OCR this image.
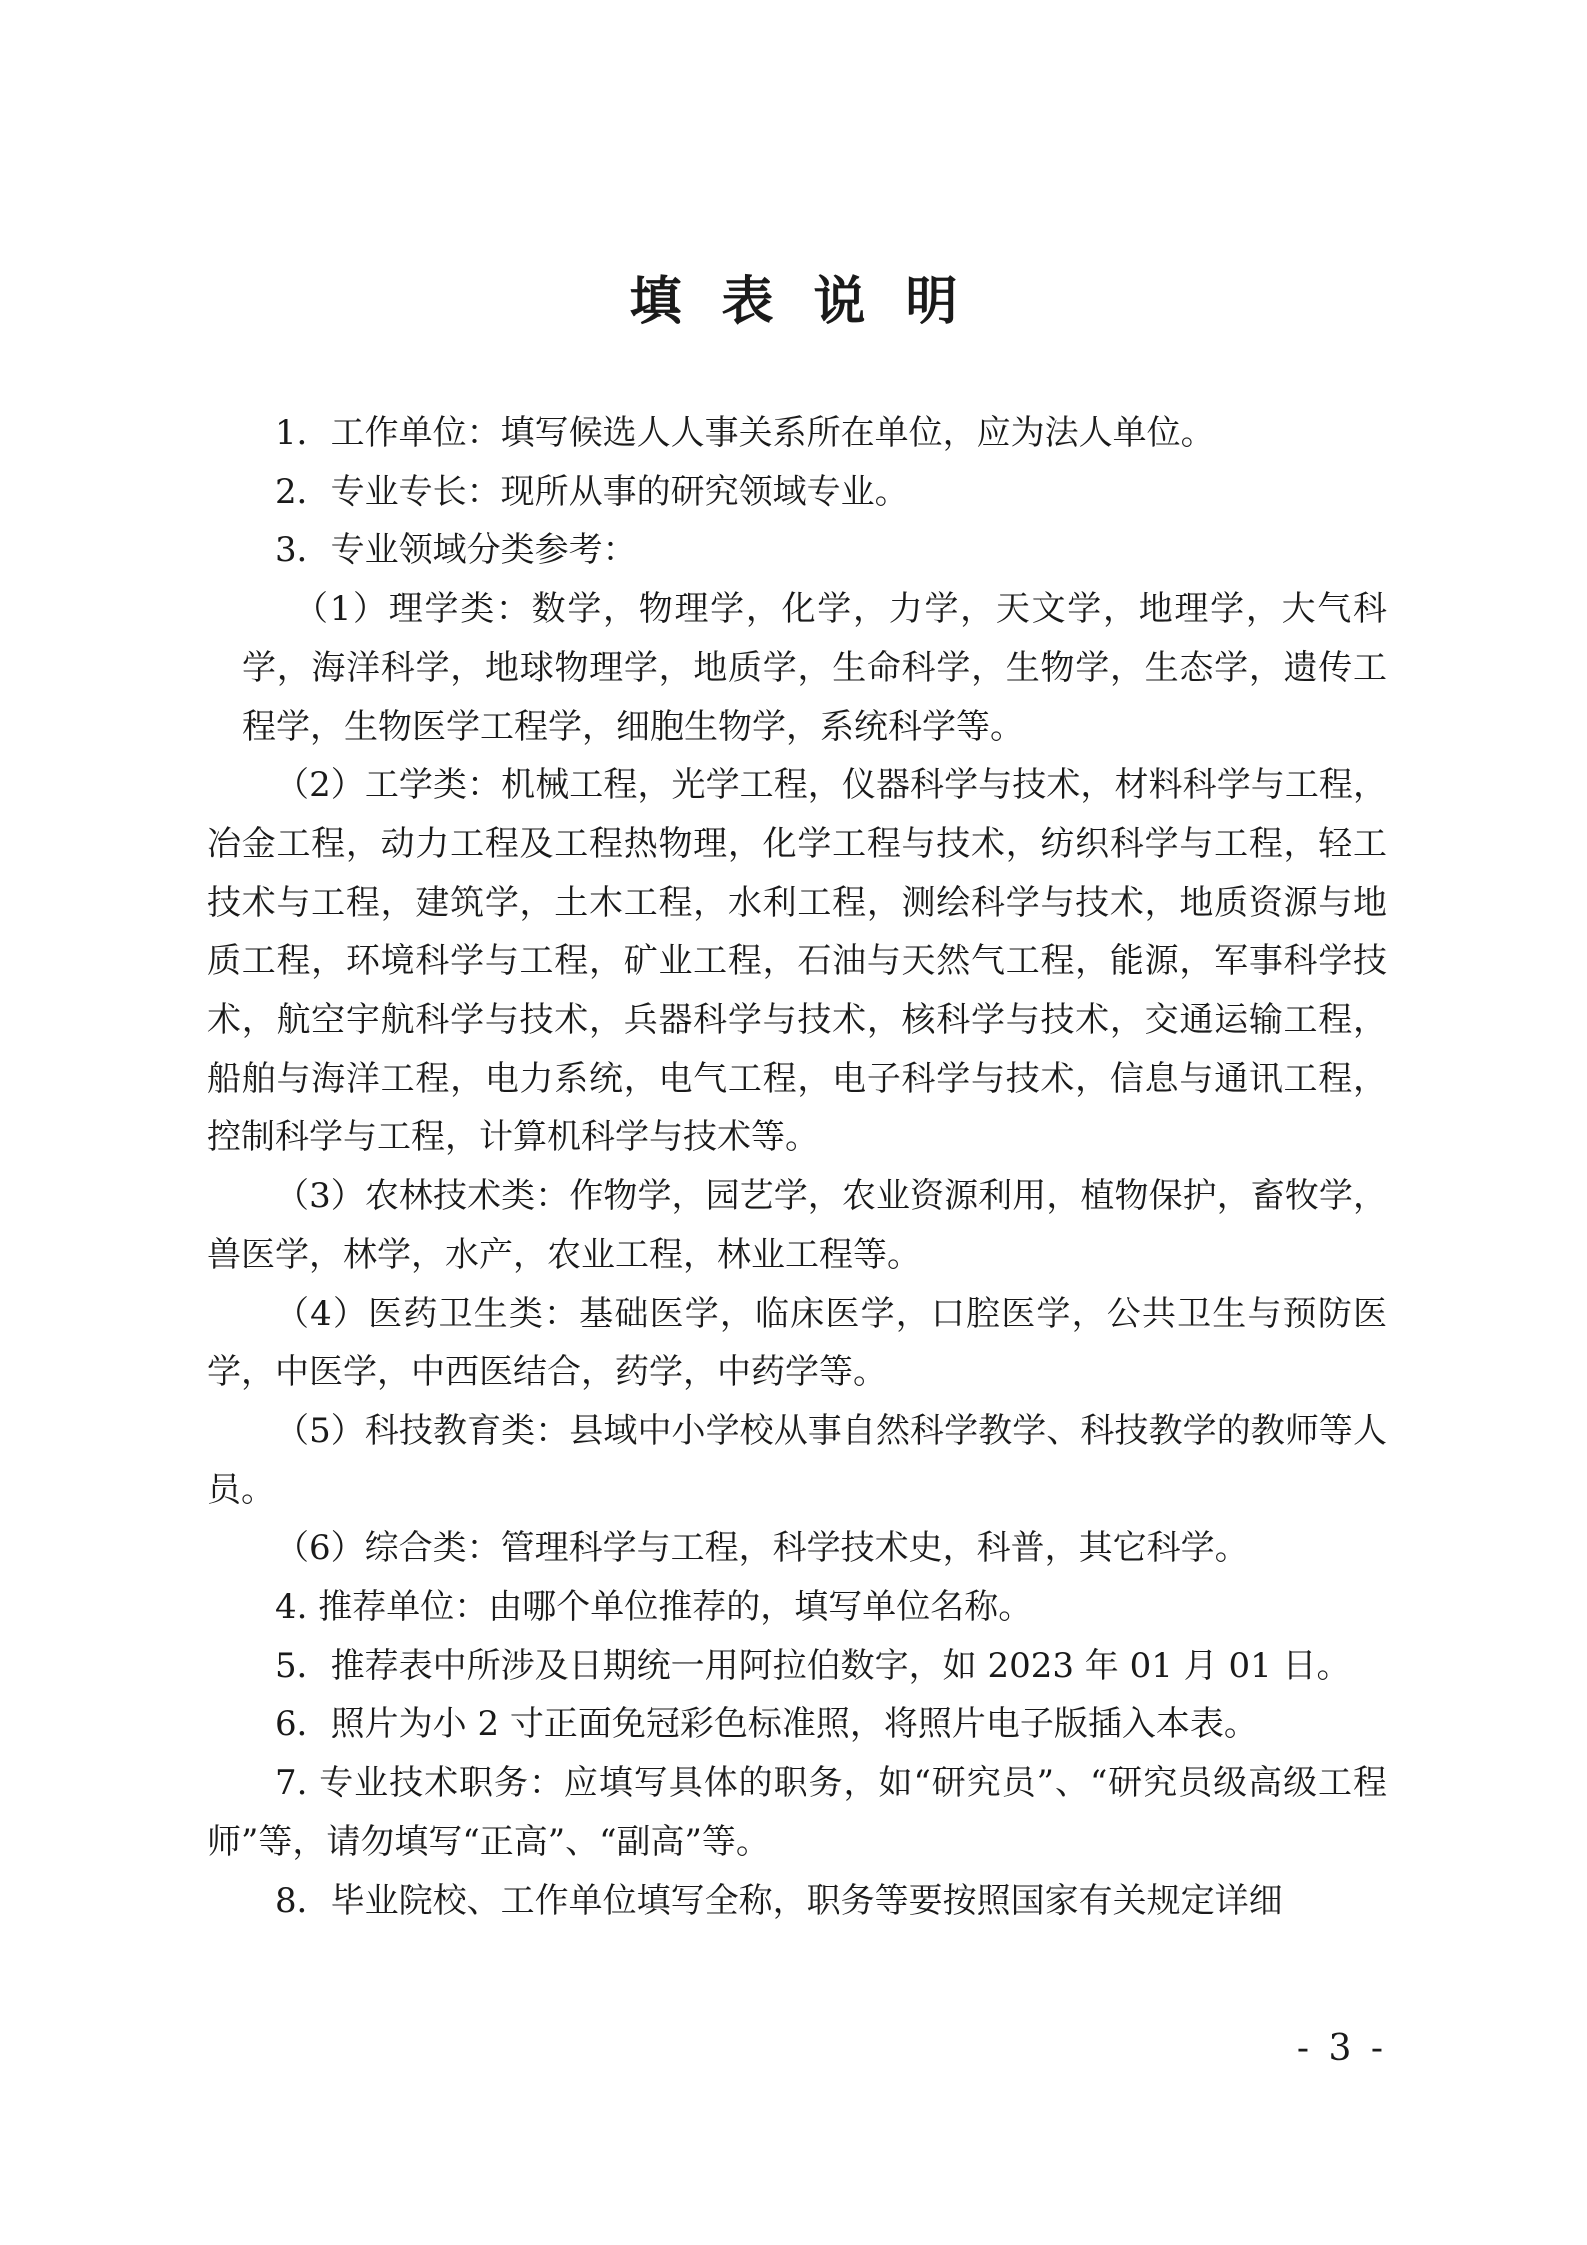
填表说明

1．工作单位：填写候选人人事关系所在单位，应为法人单位。

2．专业专长：现所从事的研究领域专业。

3．专业领域分类参考：

（1）理学类：数学，物理学，化学，力学，天文学，地理学，大气科学，海洋科学，地球物理学，地质学，生命科学，生物学，生态学，遗传工程学，生物医学工程学，细胞生物学，系统科学等。

（2）工学类：机械工程，光学工程，仪器科学与技术，材料科学与工程，冶金工程，动力工程及工程热物理，化学工程与技术，纺织科学与工程，轻工技术与工程，建筑学，土木工程，水利工程，测绘科学与技术，地质资源与地质工程，环境科学与工程，矿业工程，石油与天然气工程，能源，军事科学技术，航空宇航科学与技术，兵器科学与技术，核科学与技术，交通运输工程，船舶与海洋工程，电力系统，电气工程，电子科学与技术，信息与通讯工程，控制科学与工程，计算机科学与技术等。

（3）农林技术类：作物学，园艺学，农业资源利用，植物保护，畜牧学，兽医学，林学，水产，农业工程，林业工程等。

（4）医药卫生类：基础医学，临床医学，口腔医学，公共卫生与预防医学，中医学，中西医结合，药学，中药学等。

（5）科技教育类：县域中小学校从事自然科学教学、科技教学的教师等人员。

（6）综合类：管理科学与工程，科学技术史，科普，其它科学。

4. 推荐单位：由哪个单位推荐的，填写单位名称。

5．推荐表中所涉及日期统一用阿拉伯数字，如 2023 年 01 月 01 日。

6．照片为小 2 寸正面免冠彩色标准照，将照片电子版插入本表。

7. 专业技术职务：应填写具体的职务，如“研究员”、“研究员级高级工程师”等，请勿填写“正高”、“副高”等。

8．毕业院校、工作单位填写全称，职务等要按照国家有关规定详细

- 3 -
